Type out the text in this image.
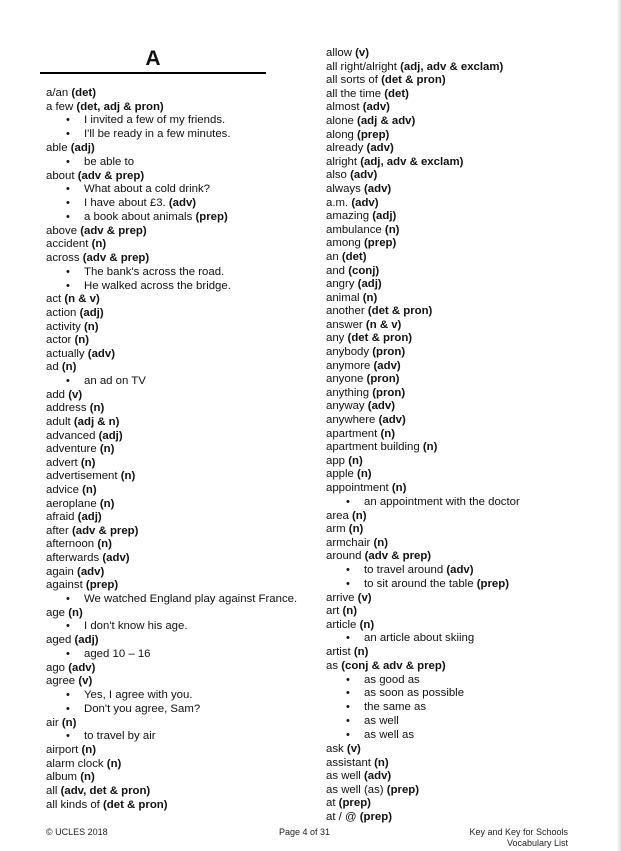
A
a/an (det)
a few (det, adj & pron)
• I invited a few of my friends.
• I'll be ready in a few minutes.
able (adj)
• be able to
about (adv & prep)
• What about a cold drink?
• I have about £3. (adv)
• a book about animals (prep)
above (adv & prep)
accident (n)
across (adv & prep)
• The bank's across the road.
• He walked across the bridge.
act (n & v)
action (adj)
activity (n)
actor (n)
actually (adv)
ad (n)
• an ad on TV
add (v)
address (n)
adult (adj & n)
advanced (adj)
adventure (n)
advert (n)
advertisement (n)
advice (n)
aeroplane (n)
afraid (adj)
after (adv & prep)
afternoon (n)
afterwards (adv)
again (adv)
against (prep)
• We watched England play against France.
age (n)
• I don't know his age.
aged (adj)
• aged 10 – 16
ago (adv)
agree (v)
• Yes, I agree with you.
• Don't you agree, Sam?
air (n)
• to travel by air
airport (n)
alarm clock (n)
album (n)
all (adv, det & pron)
all kinds of (det & pron)
allow (v)
all right/alright (adj, adv & exclam)
all sorts of (det & pron)
all the time (det)
almost (adv)
alone (adj & adv)
along (prep)
already (adv)
alright (adj, adv & exclam)
also (adv)
always (adv)
a.m. (adv)
amazing (adj)
ambulance (n)
among (prep)
an (det)
and (conj)
angry (adj)
animal (n)
another (det & pron)
answer (n & v)
any (det & pron)
anybody (pron)
anymore (adv)
anyone (pron)
anything (pron)
anyway (adv)
anywhere (adv)
apartment (n)
apartment building (n)
app (n)
apple (n)
appointment (n)
• an appointment with the doctor
area (n)
arm (n)
armchair (n)
around (adv & prep)
• to travel around (adv)
• to sit around the table (prep)
arrive (v)
art (n)
article (n)
• an article about skiing
artist (n)
as (conj & adv & prep)
• as good as
• as soon as possible
• the same as
• as well
• as well as
ask (v)
assistant (n)
as well (adv)
as well (as) (prep)
at (prep)
at / @ (prep)
© UCLES 2018	Page 4 of 31	Key and Key for Schools
Vocabulary List
